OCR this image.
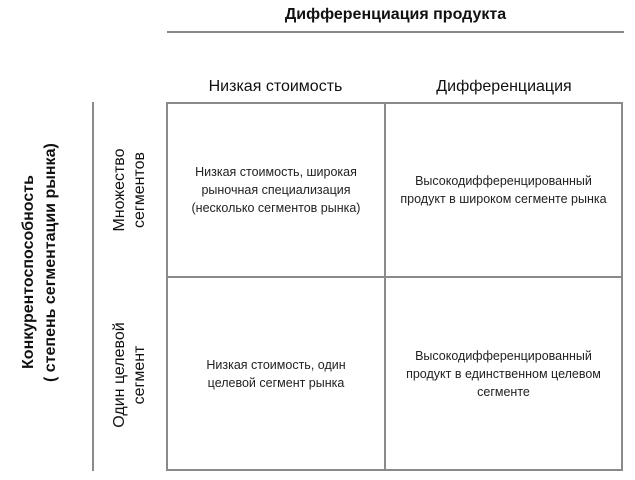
Дифференциация продукта
Низкая стоимость	Дифференциация
Низкая стоимость, широкая рыночная специализация (несколько сегментов рынка)
Высокодифференцированный продукт в широком сегменте рынка
Низкая стоимость, один целевой сегмент рынка
Высокодифференцированный продукт в единственном целевом сегменте
Конкурентоспособность ( степень сегментации рынка)	Множество сегментов
Один целевой сегмент
